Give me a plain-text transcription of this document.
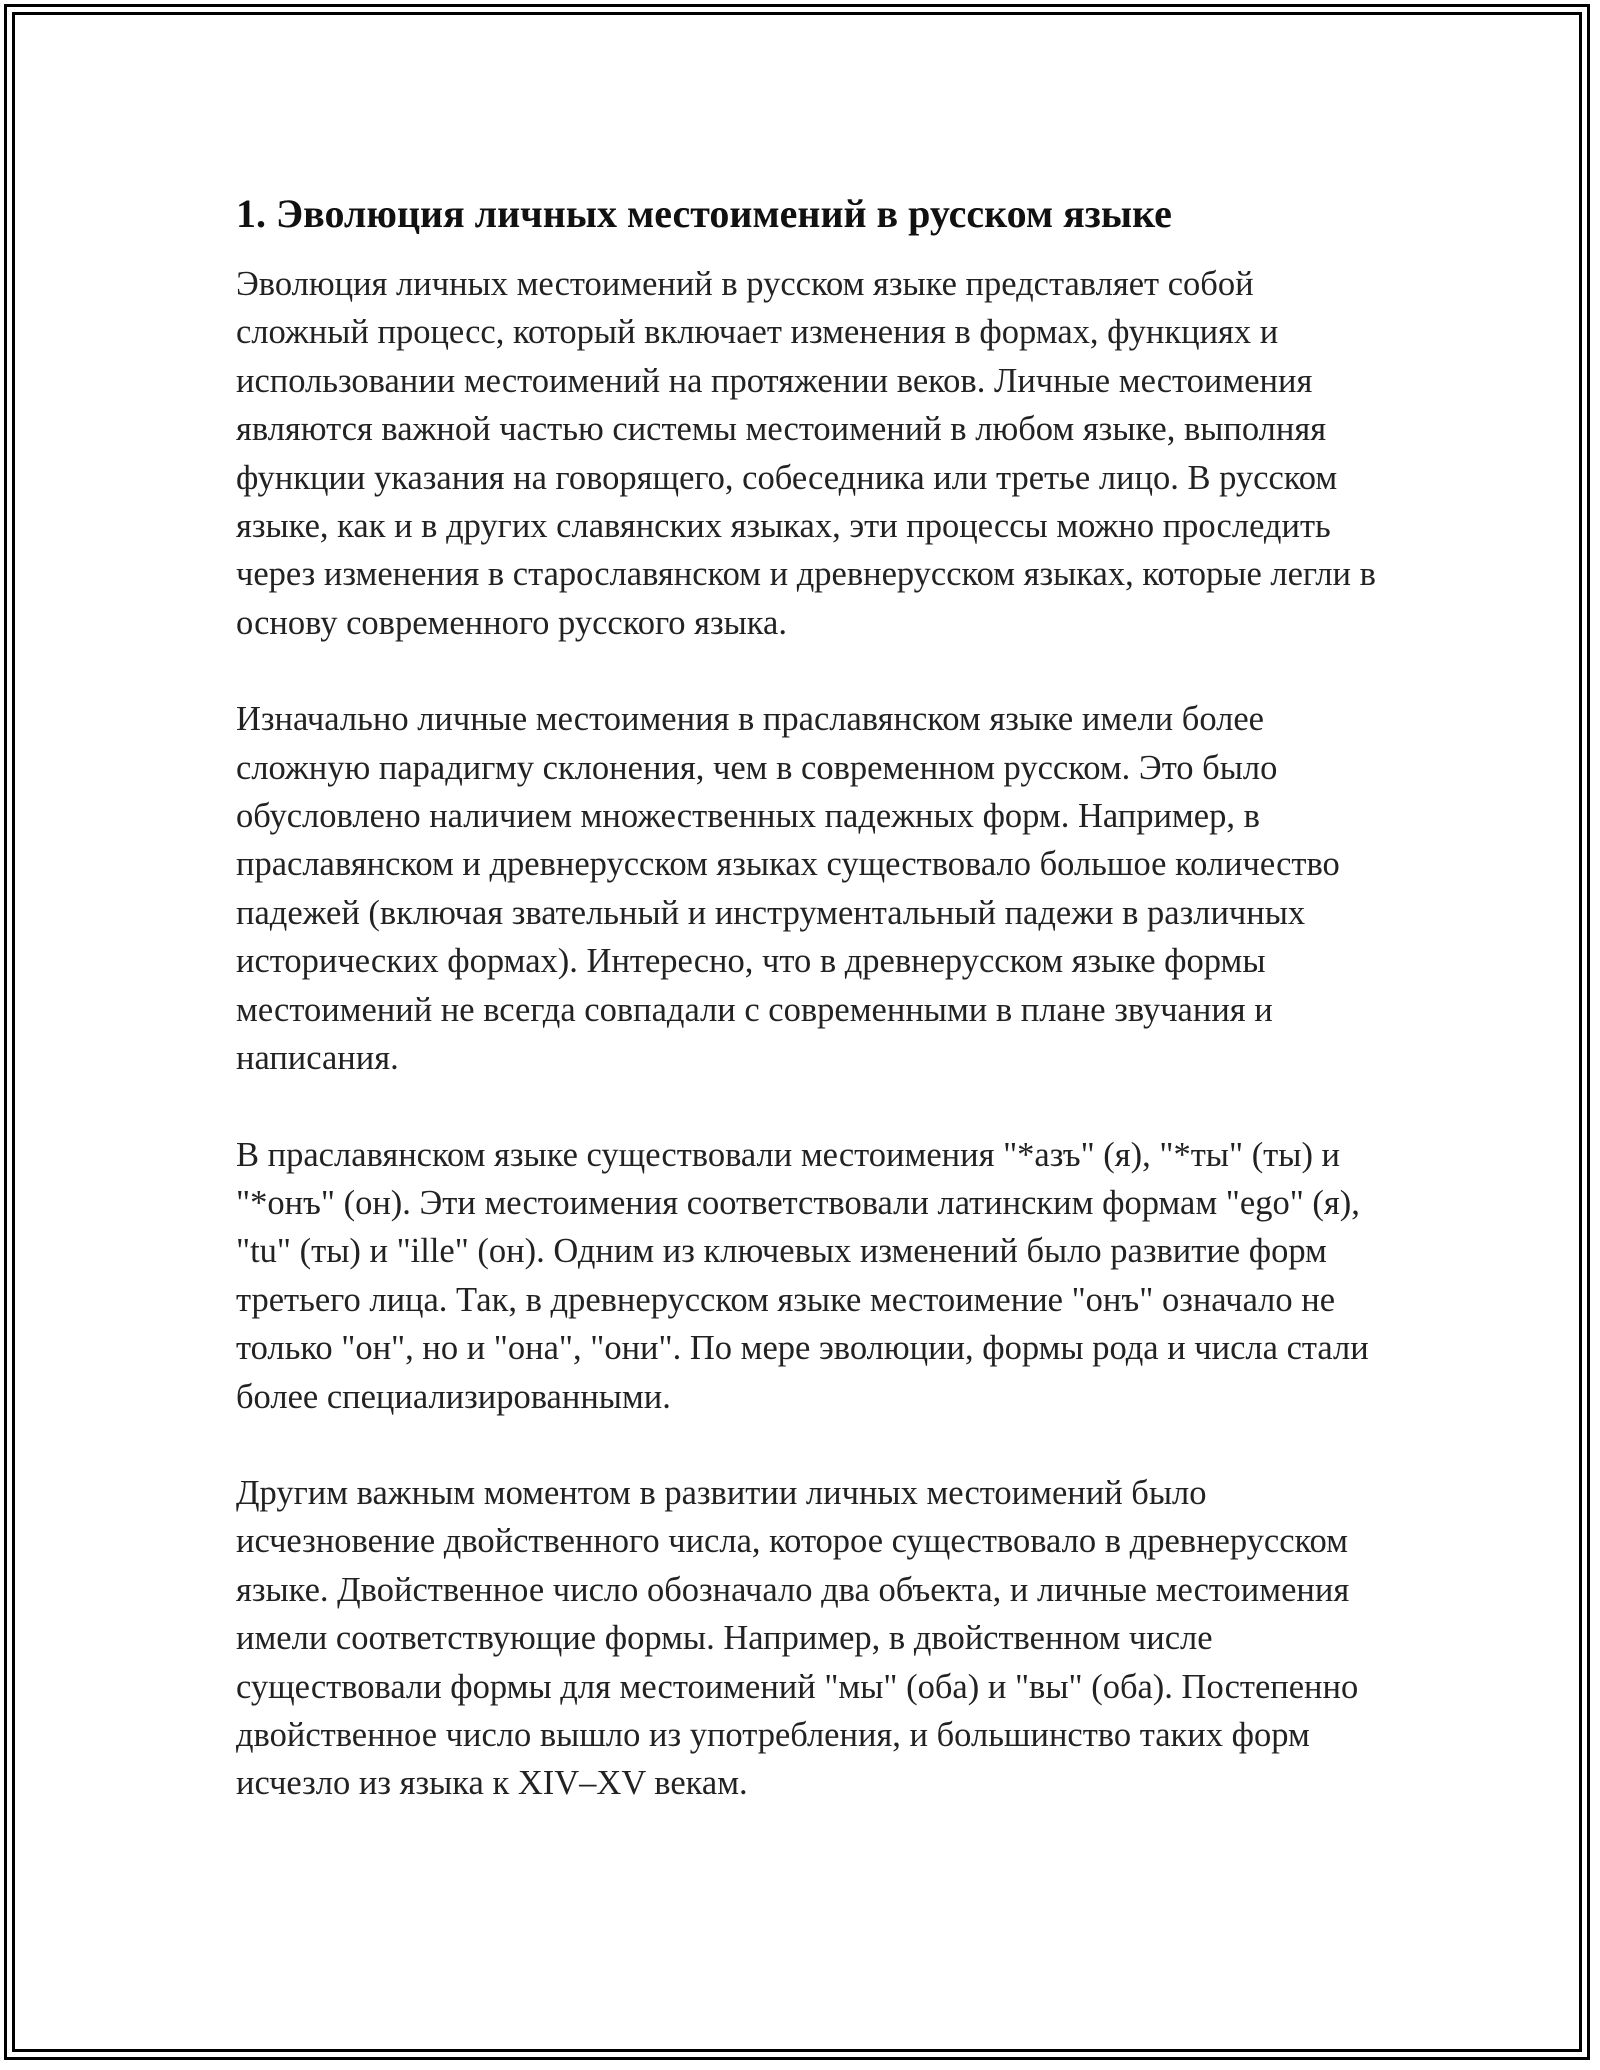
1. Эволюция личных местоимений в русском языке

Эволюция личных местоимений в русском языке представляет собой сложный процесс, который включает изменения в формах, функциях и использовании местоимений на протяжении веков. Личные местоимения являются важной частью системы местоимений в любом языке, выполняя функции указания на говорящего, собеседника или третье лицо. В русском языке, как и в других славянских языках, эти процессы можно проследить через изменения в старославянском и древнерусском языках, которые легли в основу современного русского языка.

Изначально личные местоимения в праславянском языке имели более сложную парадигму склонения, чем в современном русском. Это было обусловлено наличием множественных падежных форм. Например, в праславянском и древнерусском языках существовало большое количество падежей (включая звательный и инструментальный падежи в различных исторических формах). Интересно, что в древнерусском языке формы местоимений не всегда совпадали с современными в плане звучания и написания.

В праславянском языке существовали местоимения "*азъ" (я), "*ты" (ты) и "*онъ" (он). Эти местоимения соответствовали латинским формам "ego" (я), "tu" (ты) и "ille" (он). Одним из ключевых изменений было развитие форм третьего лица. Так, в древнерусском языке местоимение "онъ" означало не только "он", но и "она", "они". По мере эволюции, формы рода и числа стали более специализированными.

Другим важным моментом в развитии личных местоимений было исчезновение двойственного числа, которое существовало в древнерусском языке. Двойственное число обозначало два объекта, и личные местоимения имели соответствующие формы. Например, в двойственном числе существовали формы для местоимений "мы" (оба) и "вы" (оба). Постепенно двойственное число вышло из употребления, и большинство таких форм исчезло из языка к XIV–XV векам.
